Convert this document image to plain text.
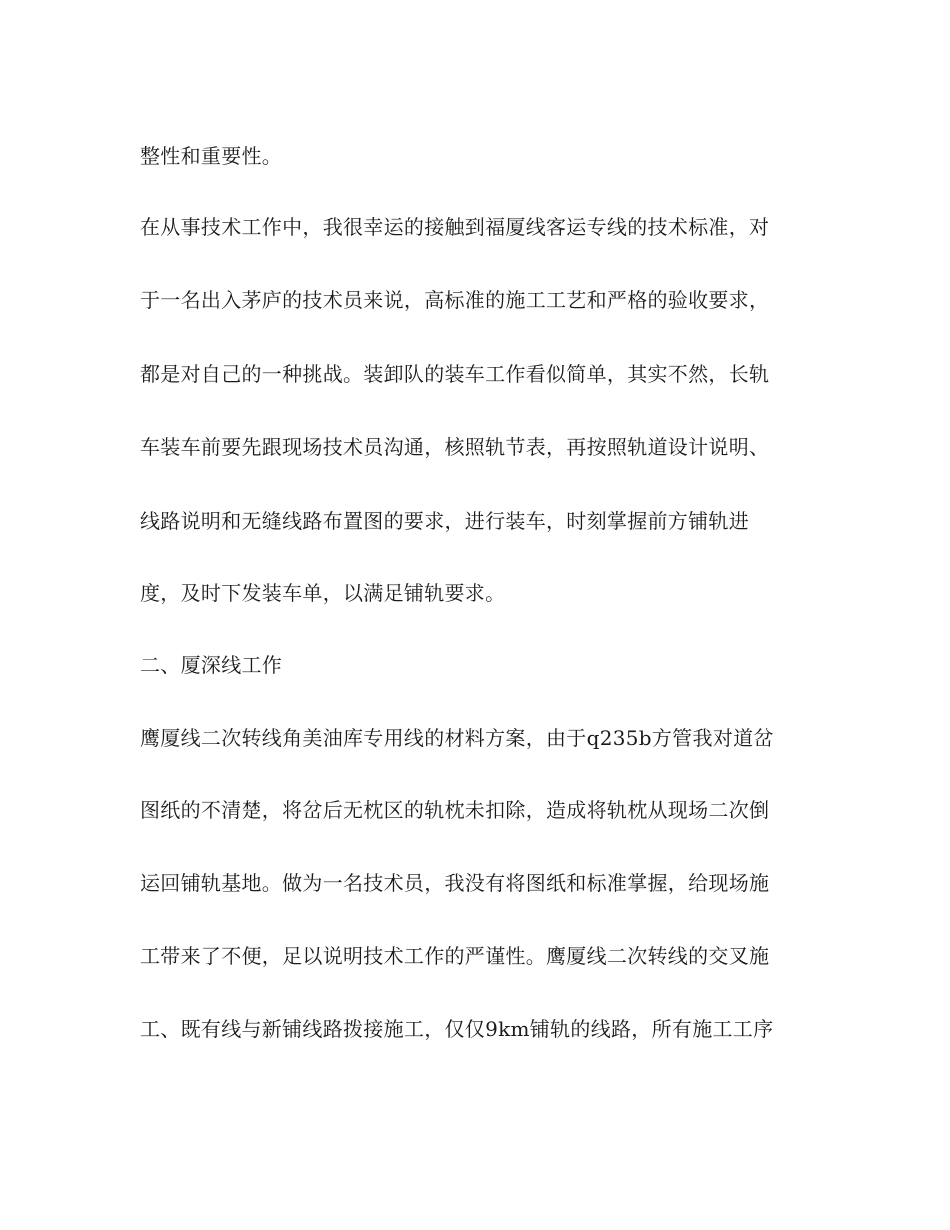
整性和重要性。
在从事技术工作中，我很幸运的接触到福厦线客运专线的技术标准，对
于一名出入茅庐的技术员来说，高标准的施工工艺和严格的验收要求，
都是对自己的一种挑战。装卸队的装车工作看似简单，其实不然，长轨
车装车前要先跟现场技术员沟通，核照轨节表，再按照轨道设计说明、
线路说明和无缝线路布置图的要求，进行装车，时刻掌握前方铺轨进
度，及时下发装车单，以满足铺轨要求。
二、厦深线工作
鹰厦线二次转线角美油库专用线的材料方案，由于q235b方管我对道岔
图纸的不清楚，将岔后无枕区的轨枕未扣除，造成将轨枕从现场二次倒
运回铺轨基地。做为一名技术员，我没有将图纸和标准掌握，给现场施
工带来了不便，足以说明技术工作的严谨性。鹰厦线二次转线的交叉施
工、既有线与新铺线路拨接施工，仅仅9km铺轨的线路，所有施工工序
